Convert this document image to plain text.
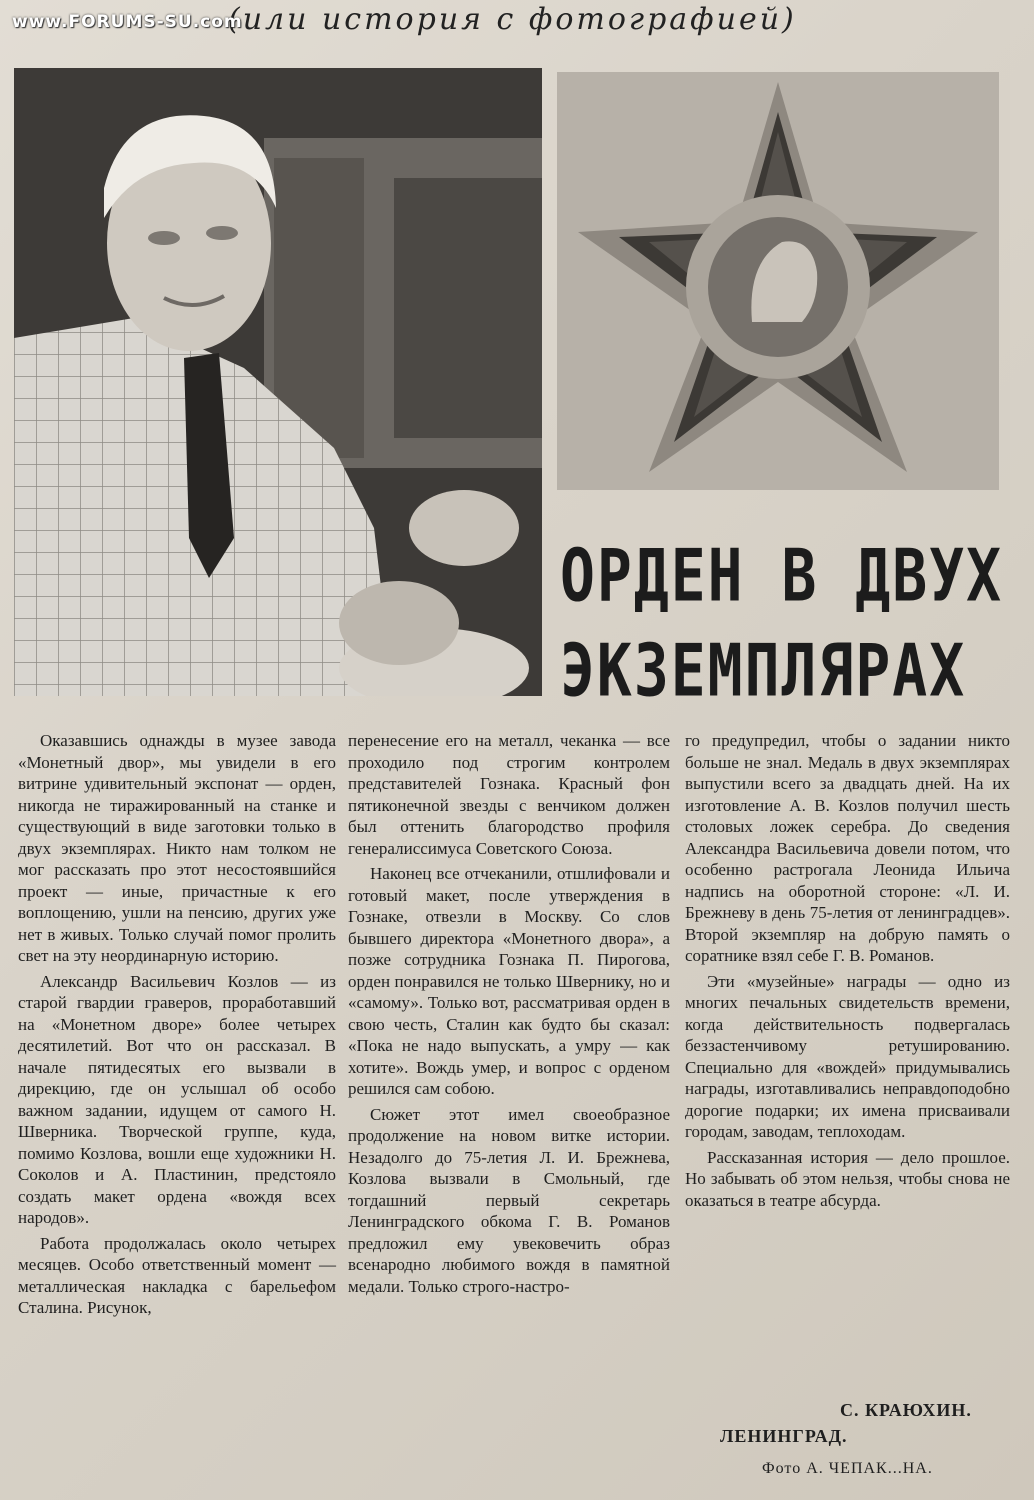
(или история с фотографией)
www.FORUMS-SU.com
ОРДЕН В ДВУХ
ЭКЗЕМПЛЯРАХ

Оказавшись однажды в музее завода «Монетный двор», мы увидели в его витрине удивительный экспонат — орден, никогда не тиражированный на станке и существующий в виде заготовки только в двух экземплярах. Никто нам толком не мог рассказать про этот несостоявшийся проект — иные, причастные к его воплощению, ушли на пенсию, других уже нет в живых. Только случай помог пролить свет на эту неординарную историю.

Александр Васильевич Козлов — из старой гвардии граверов, проработавший на «Монетном дворе» более четырех десятилетий. Вот что он рассказал. В начале пятидесятых его вызвали в дирекцию, где он услышал об особо важном задании, идущем от самого Н. Шверника. Творческой группе, куда, помимо Козлова, вошли еще художники Н. Соколов и А. Пластинин, предстояло создать макет ордена «вождя всех народов».

Работа продолжалась около четырех месяцев. Особо ответственный момент — металлическая накладка с барельефом Сталина. Рисунок,

перенесение его на металл, чеканка — все проходило под строгим контролем представителей Гознака. Красный фон пятиконечной звезды с венчиком должен был оттенить благородство профиля генералиссимуса Советского Союза.

Наконец все отчеканили, отшлифовали и готовый макет, после утверждения в Гознаке, отвезли в Москву. Со слов бывшего директора «Монетного двора», а позже сотрудника Гознака П. Пирогова, орден понравился не только Швернику, но и «самому». Только вот, рассматривая орден в свою честь, Сталин как будто бы сказал: «Пока не надо выпускать, а умру — как хотите». Вождь умер, и вопрос с орденом решился сам собою.

Сюжет этот имел своеобразное продолжение на новом витке истории. Незадолго до 75-летия Л. И. Брежнева, Козлова вызвали в Смольный, где тогдашний первый секретарь Ленинградского обкома Г. В. Романов предложил ему увековечить образ всенародно любимого вождя в памятной медали. Только строго-настро-

го предупредил, чтобы о задании никто больше не знал. Медаль в двух экземплярах выпустили всего за двадцать дней. На их изготовление А. В. Козлов получил шесть столовых ложек серебра. До сведения Александра Васильевича довели потом, что особенно растрогала Леонида Ильича надпись на оборотной стороне: «Л. И. Брежневу в день 75-летия от ленинградцев». Второй экземпляр на добрую память о соратнике взял себе Г. В. Романов.

Эти «музейные» награды — одно из многих печальных свидетельств времени, когда действительность подвергалась беззастенчивому ретушированию. Специально для «вождей» придумывались награды, изготавливались неправдоподобно дорогие подарки; их имена присваивали городам, заводам, теплоходам.

Рассказанная история — дело прошлое. Но забывать об этом нельзя, чтобы снова не оказаться в театре абсурда.

С. КРАЮХИН.
ЛЕНИНГРАД.
Фото А. ЧЕПАК...НА.
